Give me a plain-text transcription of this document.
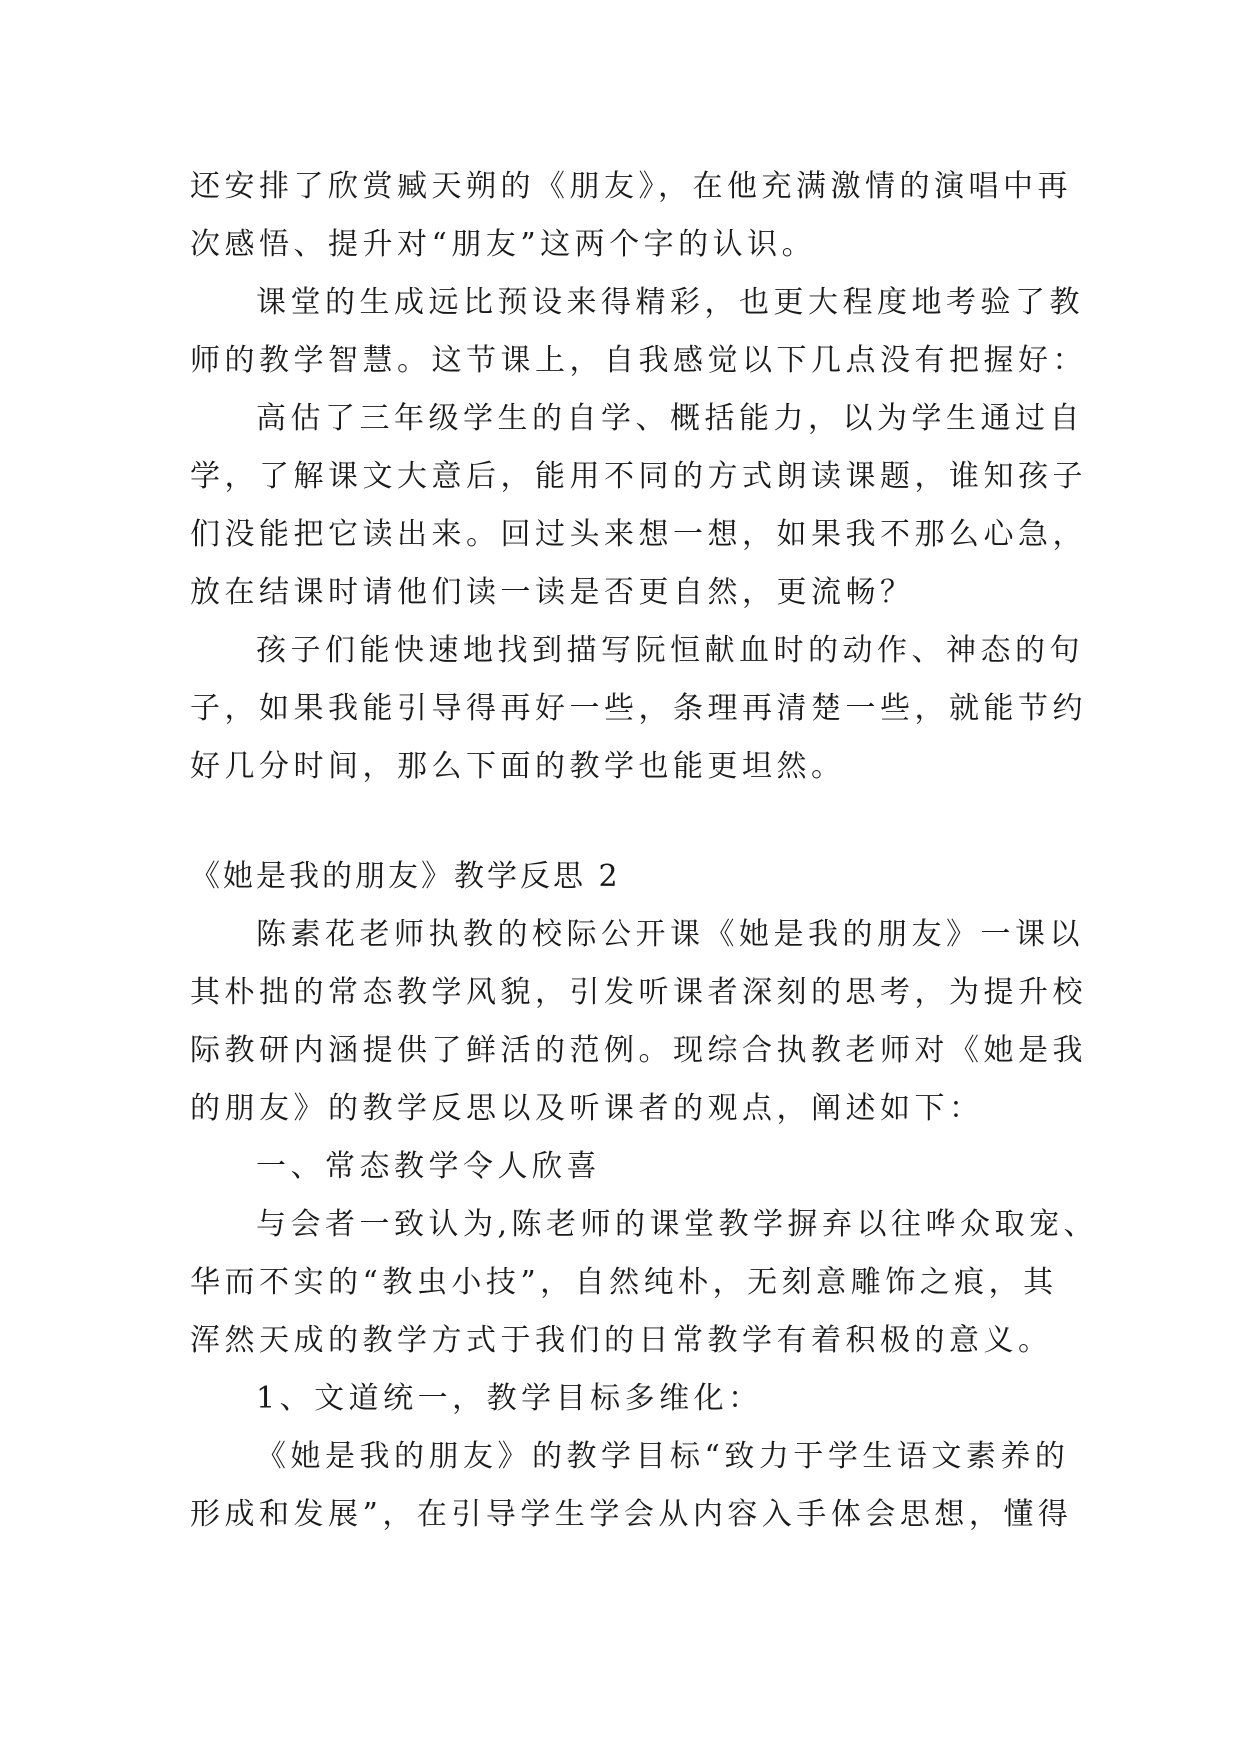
还安排了欣赏臧天朔的《朋友》，在他充满激情的演唱中再
次感悟、提升对“朋友”这两个字的认识。
课堂的生成远比预设来得精彩，也更大程度地考验了教
师的教学智慧。这节课上，自我感觉以下几点没有把握好：
高估了三年级学生的自学、概括能力，以为学生通过自
学，了解课文大意后，能用不同的方式朗读课题，谁知孩子
们没能把它读出来。回过头来想一想，如果我不那么心急，
放在结课时请他们读一读是否更自然，更流畅？
孩子们能快速地找到描写阮恒献血时的动作、神态的句
子，如果我能引导得再好一些，条理再清楚一些，就能节约
好几分时间，那么下面的教学也能更坦然。
《她是我的朋友》教学反思 2
陈素花老师执教的校际公开课《她是我的朋友》一课以
其朴拙的常态教学风貌，引发听课者深刻的思考，为提升校
际教研内涵提供了鲜活的范例。现综合执教老师对《她是我
的朋友》的教学反思以及听课者的观点，阐述如下：
一、常态教学令人欣喜
与会者一致认为,陈老师的课堂教学摒弃以往哗众取宠、
华而不实的“教虫小技”，自然纯朴，无刻意雕饰之痕，其
浑然天成的教学方式于我们的日常教学有着积极的意义。
1、文道统一，教学目标多维化：
《她是我的朋友》的教学目标“致力于学生语文素养的
形成和发展”，在引导学生学会从内容入手体会思想，懂得
